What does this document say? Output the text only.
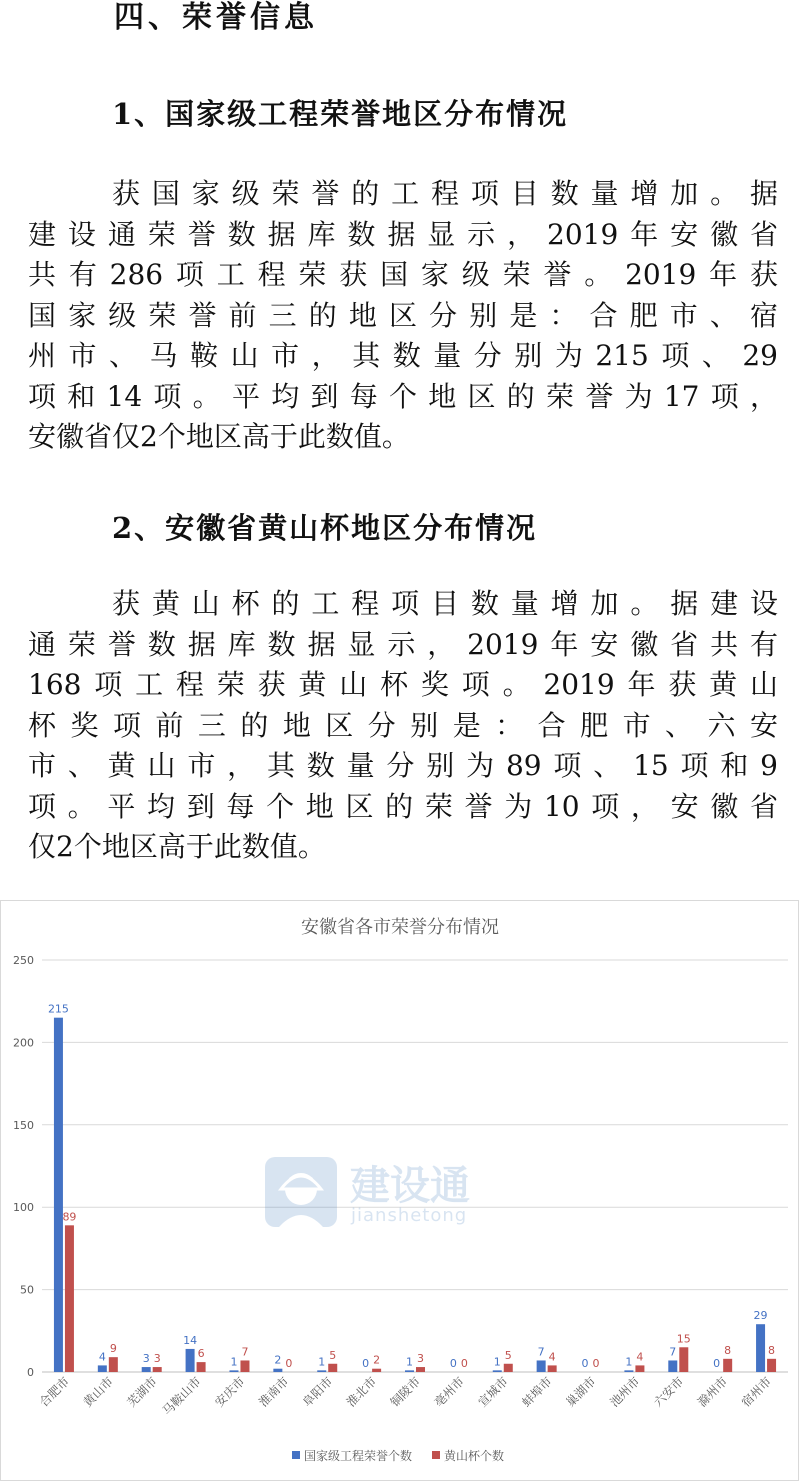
四、荣誉信息
1、国家级工程荣誉地区分布情况
获国家级荣誉的工程项目数量增加。据
建设通荣誉数据库数据显示，2019年安徽省
共有286项工程荣获国家级荣誉。2019年获
国家级荣誉前三的地区分别是：合肥市、宿
州市、马鞍山市，其数量分别为215项、29
项和14项。平均到每个地区的荣誉为17项，
安徽省仅2个地区高于此数值。
2、安徽省黄山杯地区分布情况
获黄山杯的工程项目数量增加。据建设
通荣誉数据库数据显示，2019年安徽省共有
168项工程荣获黄山杯奖项。2019年获黄山
杯奖项前三的地区分别是：合肥市、六安
市、黄山市，其数量分别为89项、15项和9
项。平均到每个地区的荣誉为10项，安徽省
仅2个地区高于此数值。
安徽省各市荣誉分布情况
0
50
100
150
200
250
建设通
jianshetong
215
89
4
9
3 3
14
6
1
7
2 0 1
5
0 2 1 3 0 0 1
5 7 4
0 0 1 4 7
15
0
8
29
8
合肥市 黄山市 芜湖市 马鞍山市 安庆市 淮南市 阜阳市 淮北市 铜陵市 亳州市 宣城市 蚌埠市 巢湖市 池州市 六安市 滁州市 宿州市
国家级工程荣誉个数	黄山杯个数
